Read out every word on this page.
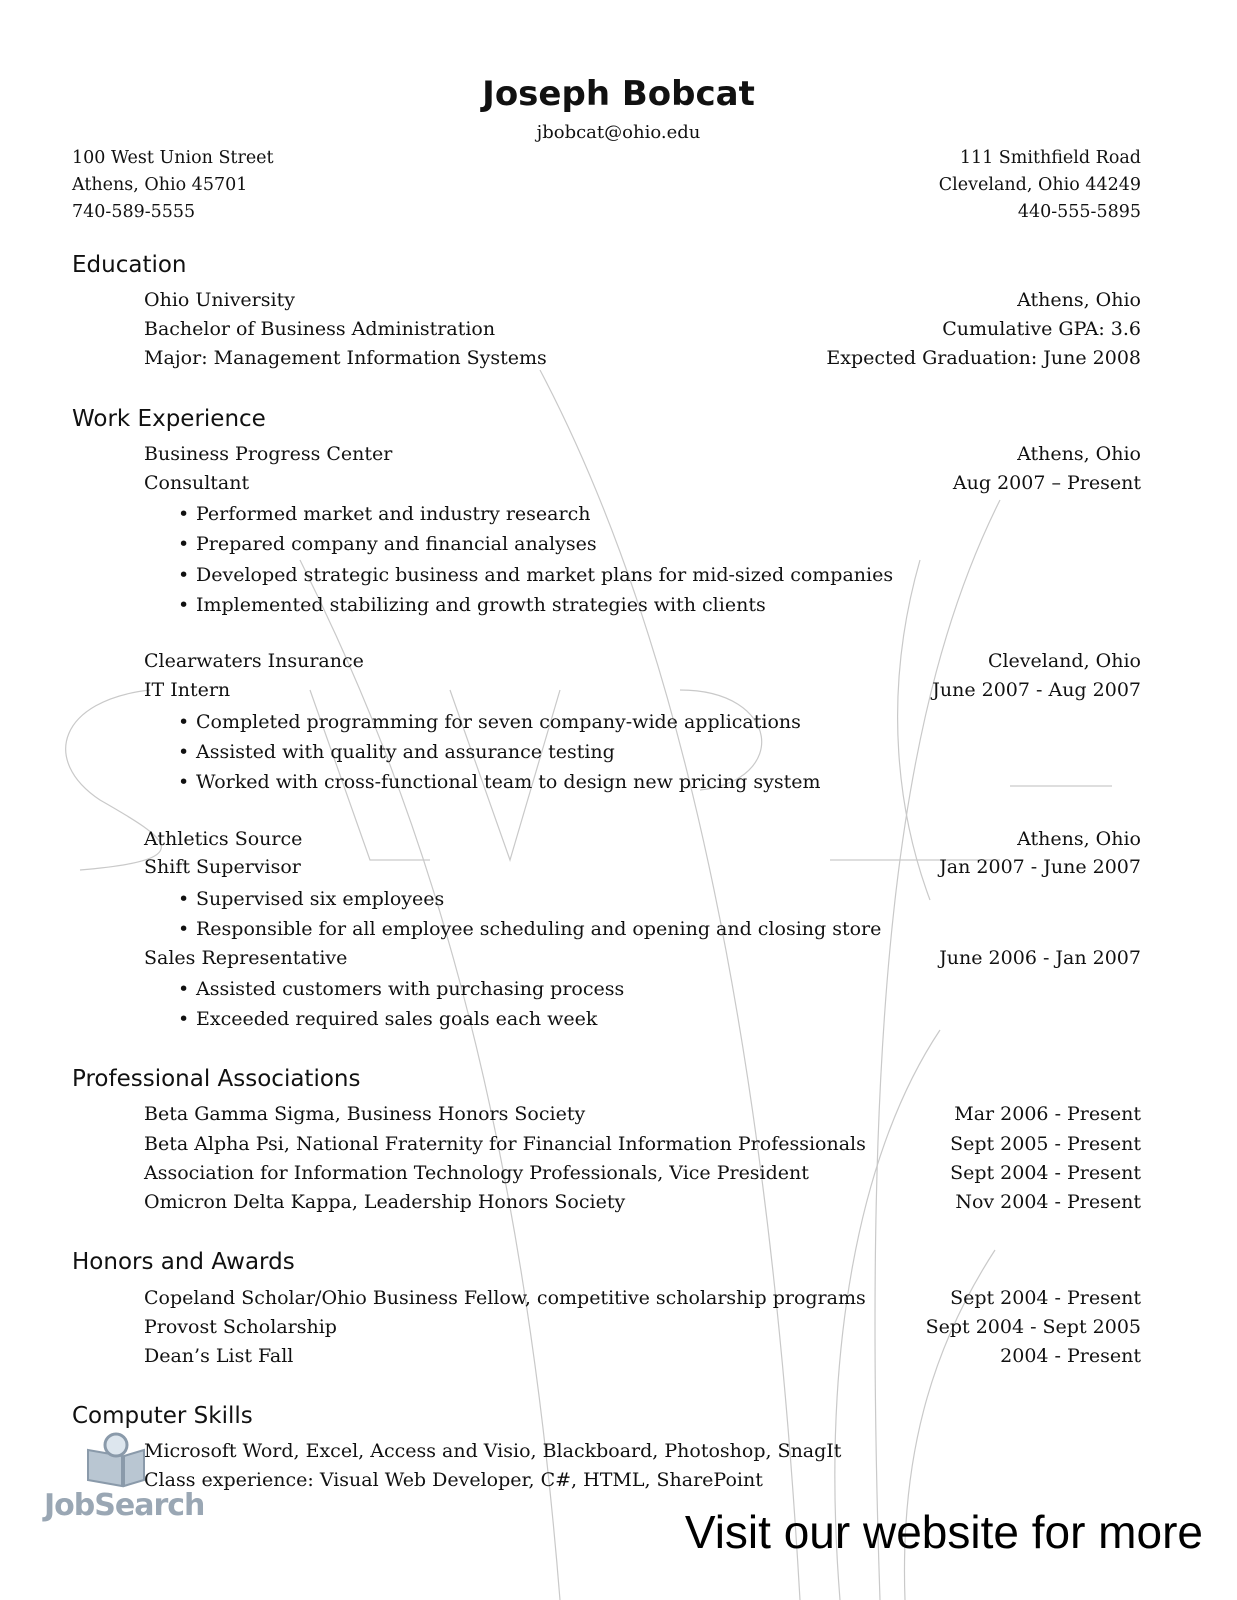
Joseph Bobcat
jbobcat@ohio.edu
100 West Union Street
Athens, Ohio 45701
740-589-5555
111 Smithfield Road
Cleveland, Ohio 44249
440-555-5895
Education
Ohio University	Athens, Ohio
Bachelor of Business Administration	Cumulative GPA: 3.6
Major: Management Information Systems	Expected Graduation: June 2008
Work Experience
Business Progress Center	Athens, Ohio
Consultant	Aug 2007 – Present
• Performed market and industry research
• Prepared company and financial analyses
• Developed strategic business and market plans for mid-sized companies
• Implemented stabilizing and growth strategies with clients
Clearwaters Insurance	Cleveland, Ohio
IT Intern	June 2007 - Aug 2007
• Completed programming for seven company-wide applications
• Assisted with quality and assurance testing
• Worked with cross-functional team to design new pricing system
Athletics Source	Athens, Ohio
Shift Supervisor	Jan 2007 - June 2007
• Supervised six employees
• Responsible for all employee scheduling and opening and closing store
Sales Representative	June 2006 - Jan 2007
• Assisted customers with purchasing process
• Exceeded required sales goals each week
Professional Associations
Beta Gamma Sigma, Business Honors Society	Mar 2006 - Present
Beta Alpha Psi, National Fraternity for Financial Information Professionals	Sept 2005 - Present
Association for Information Technology Professionals, Vice President	Sept 2004 - Present
Omicron Delta Kappa, Leadership Honors Society	Nov 2004 - Present
Honors and Awards
Copeland Scholar/Ohio Business Fellow, competitive scholarship programs	Sept 2004 - Present
Provost Scholarship	Sept 2004 - Sept 2005
Dean’s List Fall	2004 - Present
Computer Skills
Microsoft Word, Excel, Access and Visio, Blackboard, Photoshop, SnagIt
Class experience: Visual Web Developer, C#, HTML, SharePoint
JobSearch
Visit our website for more
